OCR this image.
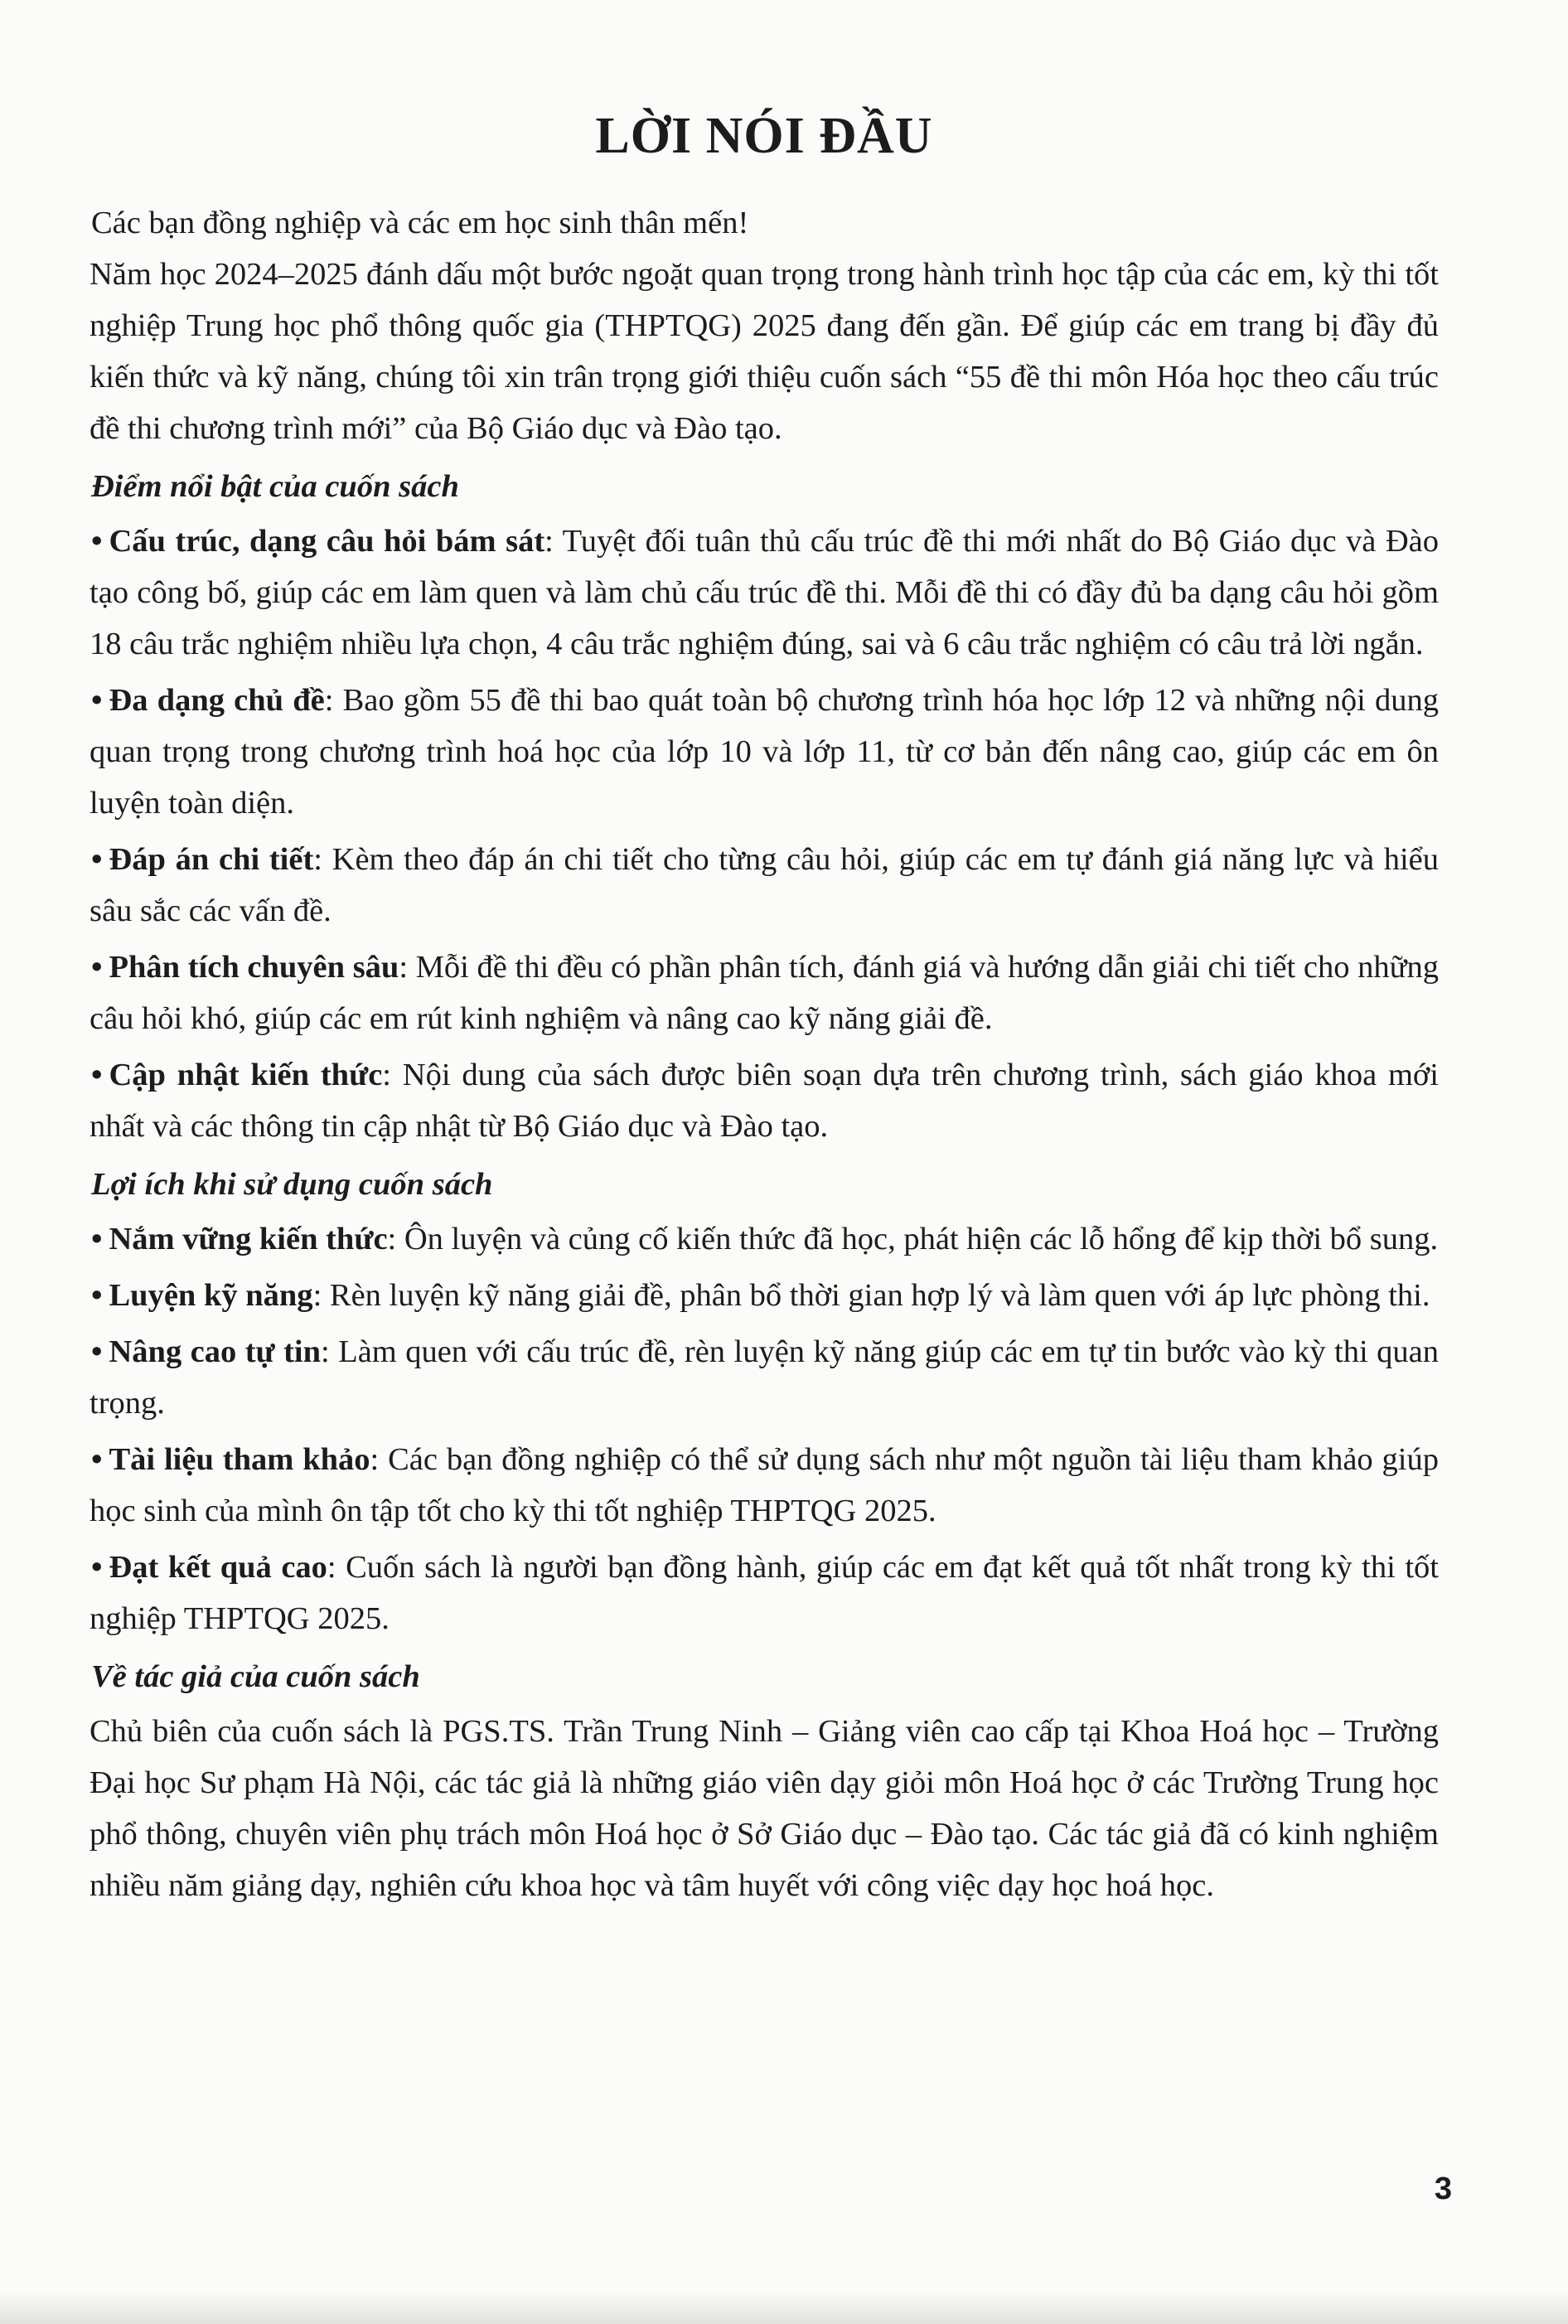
LỜI NÓI ĐẦU

Các bạn đồng nghiệp và các em học sinh thân mến!

Năm học 2024–2025 đánh dấu một bước ngoặt quan trọng trong hành trình học tập của các em, kỳ thi tốt nghiệp Trung học phổ thông quốc gia (THPTQG) 2025 đang đến gần. Để giúp các em trang bị đầy đủ kiến thức và kỹ năng, chúng tôi xin trân trọng giới thiệu cuốn sách “55 đề thi môn Hóa học theo cấu trúc đề thi chương trình mới” của Bộ Giáo dục và Đào tạo.

Điểm nổi bật của cuốn sách

• Cấu trúc, dạng câu hỏi bám sát: Tuyệt đối tuân thủ cấu trúc đề thi mới nhất do Bộ Giáo dục và Đào tạo công bố, giúp các em làm quen và làm chủ cấu trúc đề thi. Mỗi đề thi có đầy đủ ba dạng câu hỏi gồm 18 câu trắc nghiệm nhiều lựa chọn, 4 câu trắc nghiệm đúng, sai và 6 câu trắc nghiệm có câu trả lời ngắn.

• Đa dạng chủ đề: Bao gồm 55 đề thi bao quát toàn bộ chương trình hóa học lớp 12 và những nội dung quan trọng trong chương trình hoá học của lớp 10 và lớp 11, từ cơ bản đến nâng cao, giúp các em ôn luyện toàn diện.

• Đáp án chi tiết: Kèm theo đáp án chi tiết cho từng câu hỏi, giúp các em tự đánh giá năng lực và hiểu sâu sắc các vấn đề.

• Phân tích chuyên sâu: Mỗi đề thi đều có phần phân tích, đánh giá và hướng dẫn giải chi tiết cho những câu hỏi khó, giúp các em rút kinh nghiệm và nâng cao kỹ năng giải đề.

• Cập nhật kiến thức: Nội dung của sách được biên soạn dựa trên chương trình, sách giáo khoa mới nhất và các thông tin cập nhật từ Bộ Giáo dục và Đào tạo.

Lợi ích khi sử dụng cuốn sách

• Nắm vững kiến thức: Ôn luyện và củng cố kiến thức đã học, phát hiện các lỗ hổng để kịp thời bổ sung.

• Luyện kỹ năng: Rèn luyện kỹ năng giải đề, phân bổ thời gian hợp lý và làm quen với áp lực phòng thi.

• Nâng cao tự tin: Làm quen với cấu trúc đề, rèn luyện kỹ năng giúp các em tự tin bước vào kỳ thi quan trọng.

• Tài liệu tham khảo: Các bạn đồng nghiệp có thể sử dụng sách như một nguồn tài liệu tham khảo giúp học sinh của mình ôn tập tốt cho kỳ thi tốt nghiệp THPTQG 2025.

• Đạt kết quả cao: Cuốn sách là người bạn đồng hành, giúp các em đạt kết quả tốt nhất trong kỳ thi tốt nghiệp THPTQG 2025.

Về tác giả của cuốn sách

Chủ biên của cuốn sách là PGS.TS. Trần Trung Ninh – Giảng viên cao cấp tại Khoa Hoá học – Trường Đại học Sư phạm Hà Nội, các tác giả là những giáo viên dạy giỏi môn Hoá học ở các Trường Trung học phổ thông, chuyên viên phụ trách môn Hoá học ở Sở Giáo dục – Đào tạo. Các tác giả đã có kinh nghiệm nhiều năm giảng dạy, nghiên cứu khoa học và tâm huyết với công việc dạy học hoá học.

3
